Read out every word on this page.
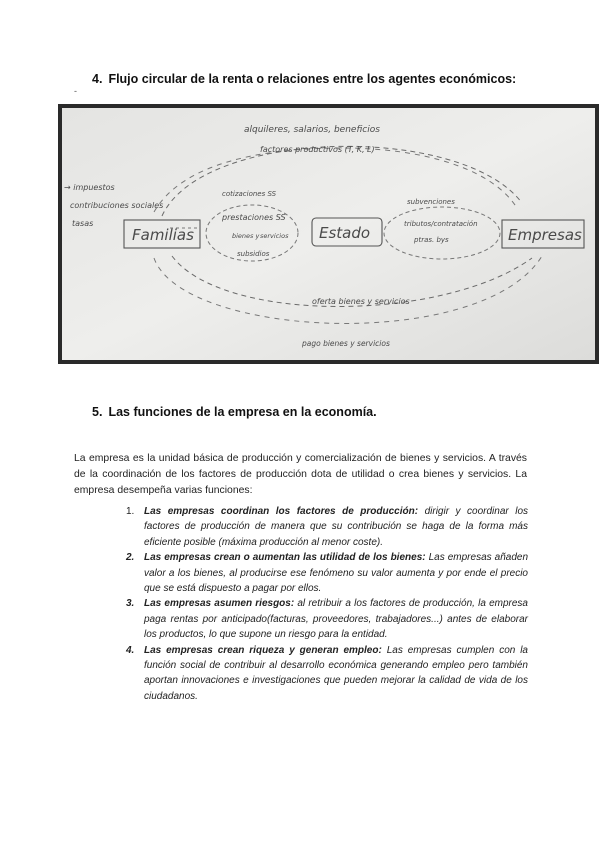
4. Flujo circular de la renta o relaciones entre los agentes económicos:
-
Familias	Estado	Empresas
alquileres, salarios, beneficios
factores productivos (T, K, L)
→ impuestos
contribuciones sociales
tasas
cotizaciones SS
prestaciones SS
bienes y servicios
subsidios
subvenciones
tributos/contratación
ptras. bys
oferta bienes y servicios
pago bienes y servicios
5. Las funciones de la empresa en la economía.

La empresa es la unidad básica de producción y comercialización de bienes y servicios. A través de la coordinación de los factores de producción dota de utilidad o crea bienes y servicios. La empresa desempeña varias funciones:

1. Las empresas coordinan los factores de producción: dirigir y coordinar los factores de producción de manera que su contribución se haga de la forma más eficiente posible (máxima producción al menor coste).
2. Las empresas crean o aumentan las utilidad de los bienes: Las empresas añaden valor a los bienes, al producirse ese fenómeno su valor aumenta y por ende el precio que se está dispuesto a pagar por ellos.
3. Las empresas asumen riesgos: al retribuir a los factores de producción, la empresa paga rentas por anticipado(facturas, proveedores, trabajadores...) antes de elaborar los productos, lo que supone un riesgo para la entidad.
4. Las empresas crean riqueza y generan empleo: Las empresas cumplen con la función social de contribuir al desarrollo económica generando empleo pero también aportan innovaciones e investigaciones que pueden mejorar la calidad de vida de los ciudadanos.
